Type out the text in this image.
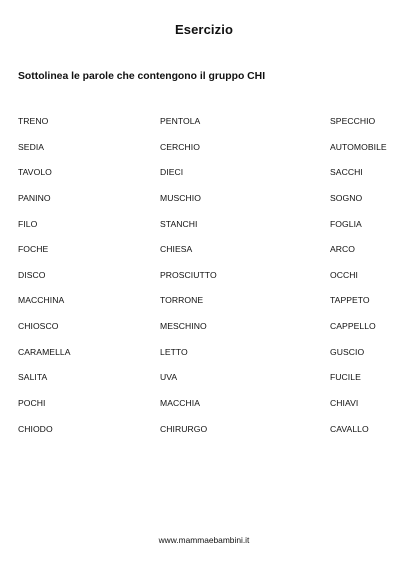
Esercizio
Sottolinea le parole che contengono il gruppo CHI
TRENO	PENTOLA	SPECCHIO
SEDIA	CERCHIO	AUTOMOBILE
TAVOLO	DIECI	SACCHI
PANINO	MUSCHIO	SOGNO
FILO	STANCHI	FOGLIA
FOCHE	CHIESA	ARCO
DISCO	PROSCIUTTO	OCCHI
MACCHINA	TORRONE	TAPPETO
CHIOSCO	MESCHINO	CAPPELLO
CARAMELLA	LETTO	GUSCIO
SALITA	UVA	FUCILE
POCHI	MACCHIA	CHIAVI
CHIODO	CHIRURGO	CAVALLO
www.mammaebambini.it
